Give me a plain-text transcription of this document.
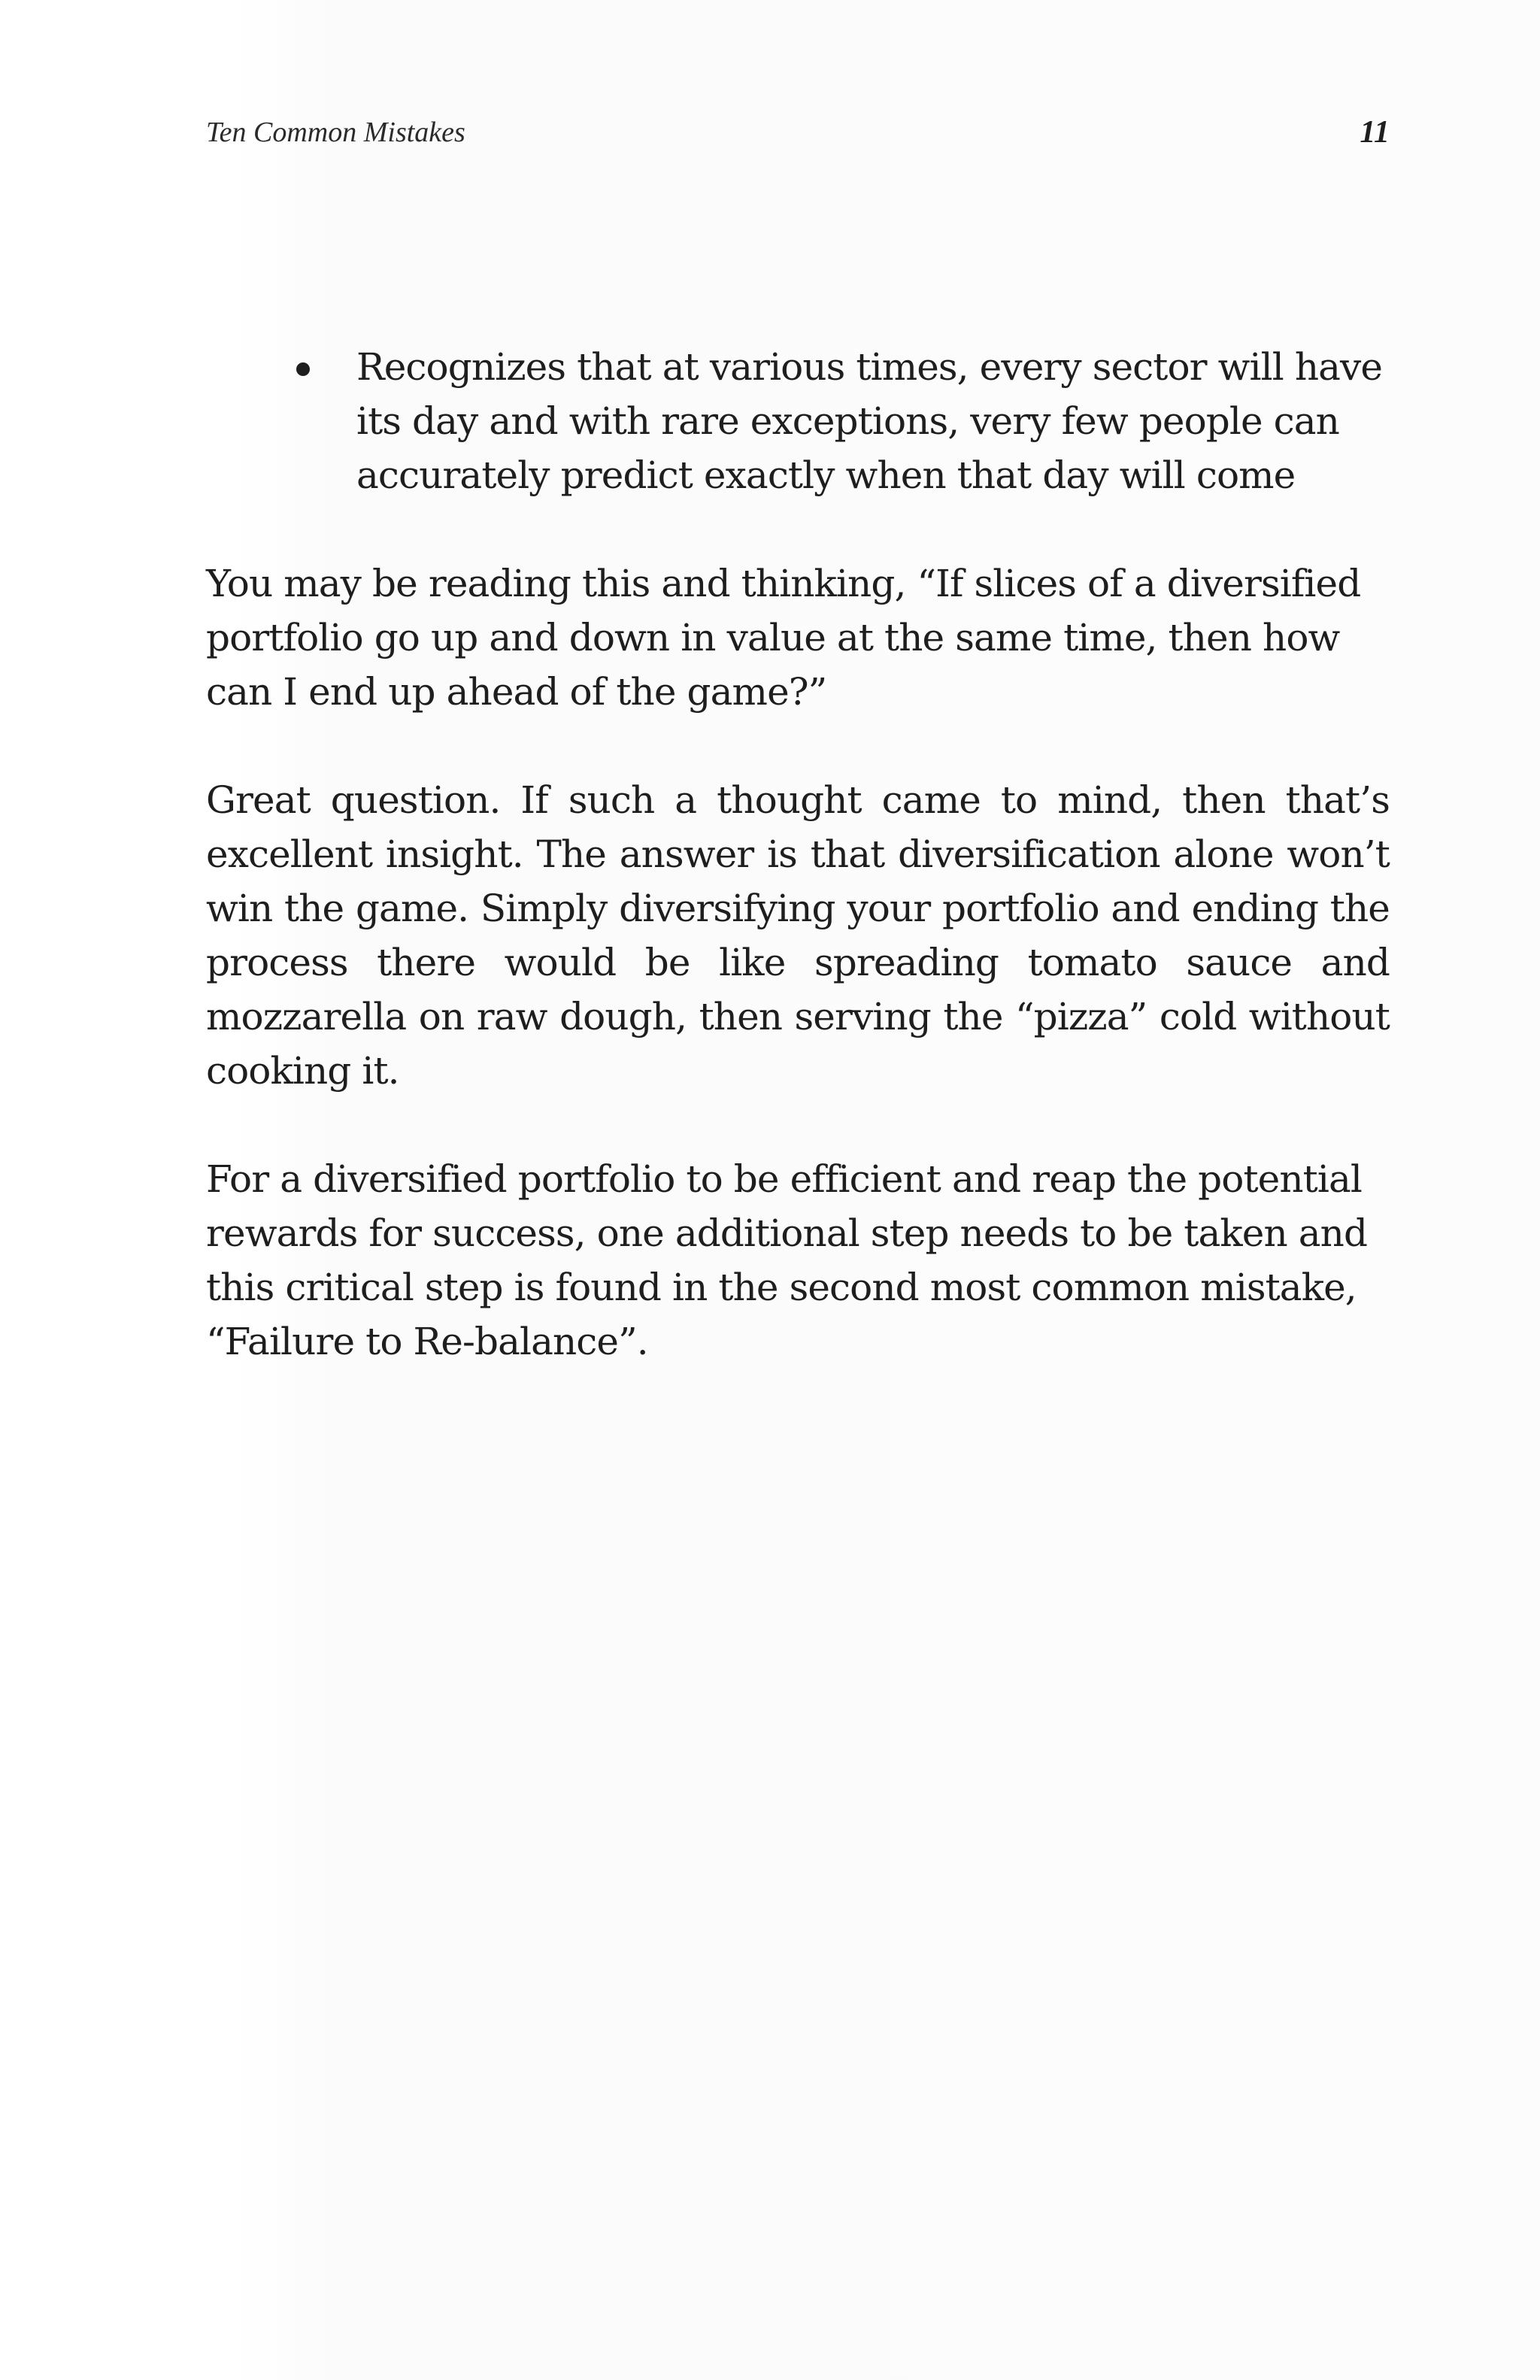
Ten Common Mistakes	11
Recognizes that at various times, every sector will have its day and with rare exceptions, very few people can accurately predict exactly when that day will come

You may be reading this and thinking, “If slices of a diversified portfolio go up and down in value at the same time, then how can I end up ahead of the game?”

Great question. If such a thought came to mind, then that’s excellent insight. The answer is that diversification alone won’t win the game. Simply diversifying your portfolio and ending the process there would be like spreading tomato sauce and mozzarella on raw dough, then serving the “pizza” cold without cooking it.

For a diversified portfolio to be efficient and reap the potential rewards for success, one additional step needs to be taken and this critical step is found in the second most common mistake, “Failure to Re-balance”.
